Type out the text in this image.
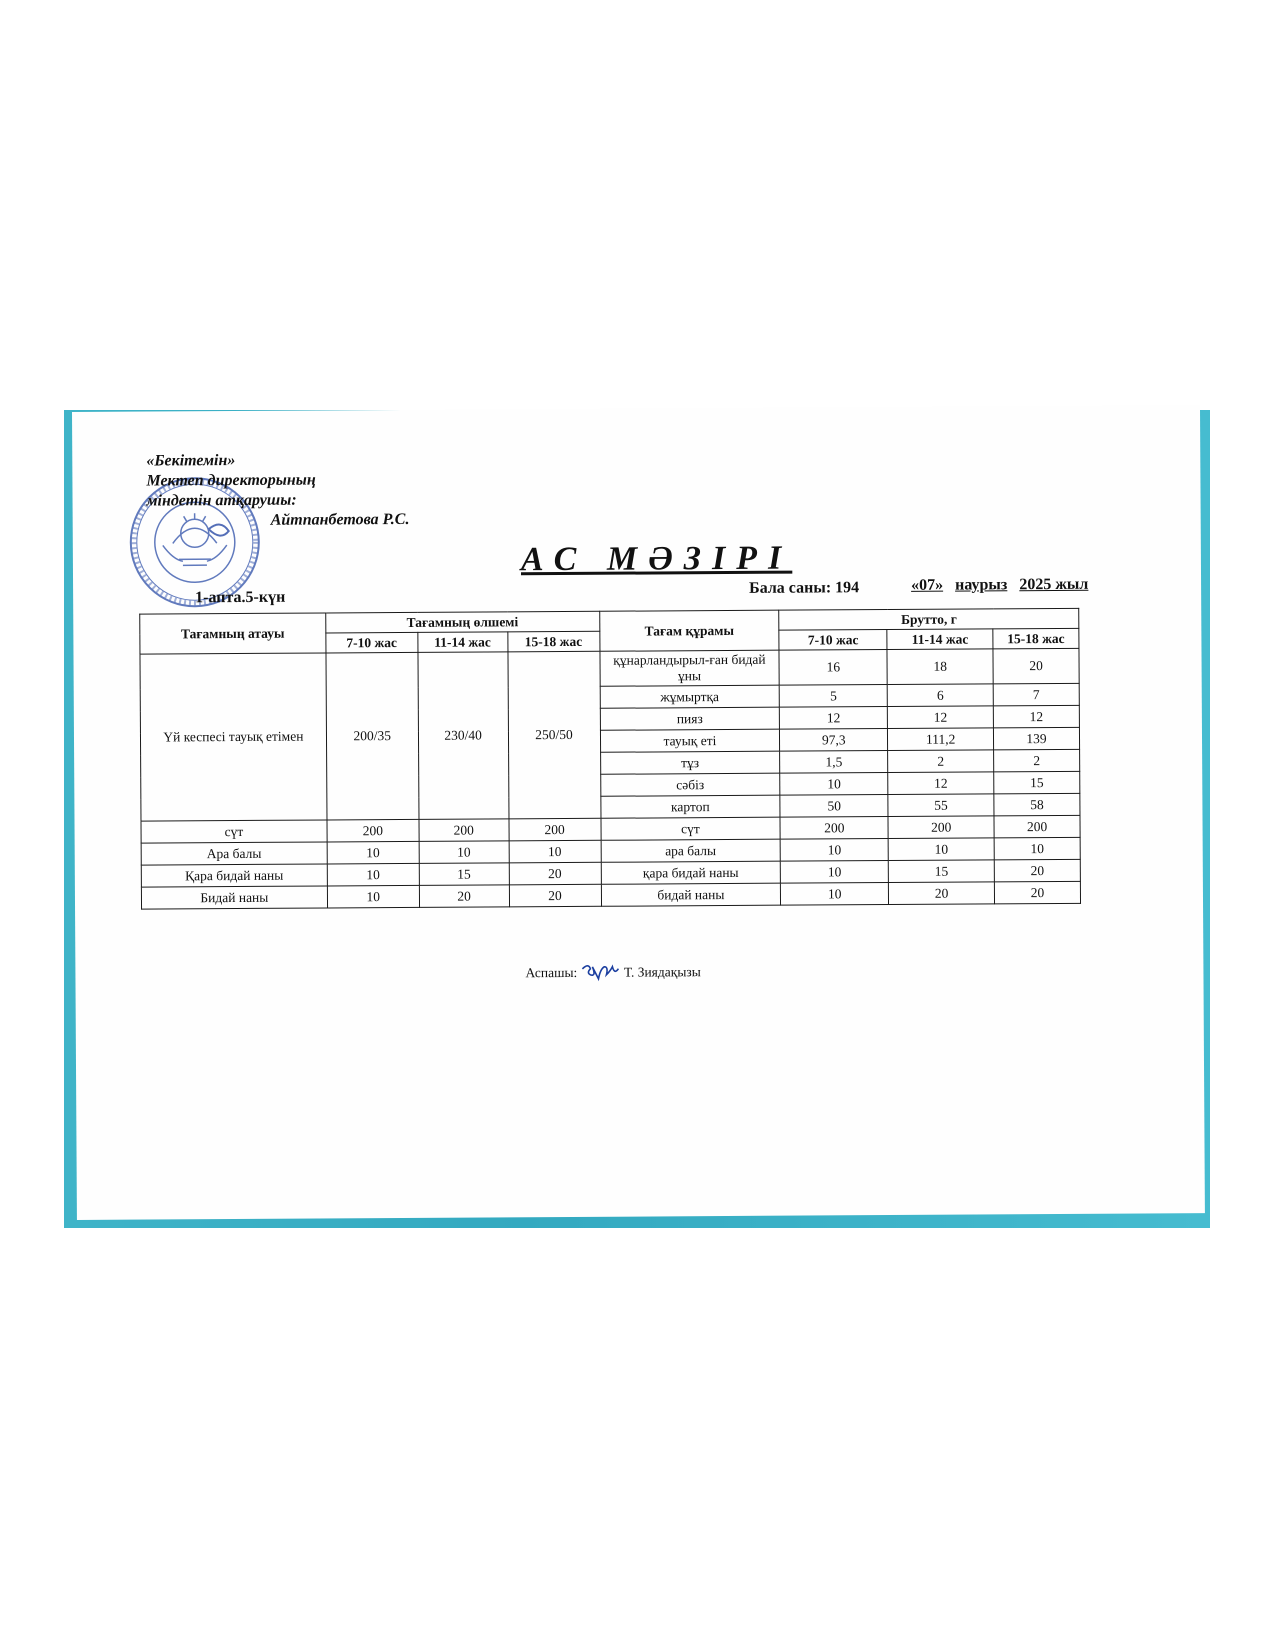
«Бекітемін»
Мектеп директорының
міндетін атқарушы:
Айтпанбетова Р.С.
АС МӘЗІРІ
1-апта.5-күн
Бала саны: 194	«07» наурыз 2025 жыл
Тағамның атауы	Тағамның өлшемі			Тағам құрамы	Брутто, г		
	7-10 жас	11-14 жас	15-18 жас		7-10 жас	11-14 жас	15-18 жас
Үй кеспесі тауық етімен	200/35	230/40	250/50	құнарландырыл-ған бидай ұны	16	18	20
				жұмыртқа	5	6	7
				пияз	12	12	12
				тауық еті	97,3	111,2	139
				тұз	1,5	2	2
				сәбіз	10	12	15
				картоп	50	55	58
сүт	200	200	200	сүт	200	200	200
Ара балы	10	10	10	ара балы	10	10	10
Қара бидай наны	10	15	20	қара бидай наны	10	15	20
Бидай наны	10	20	20	бидай наны	10	20	20
Аспашы:	Т. Зиядақызы
